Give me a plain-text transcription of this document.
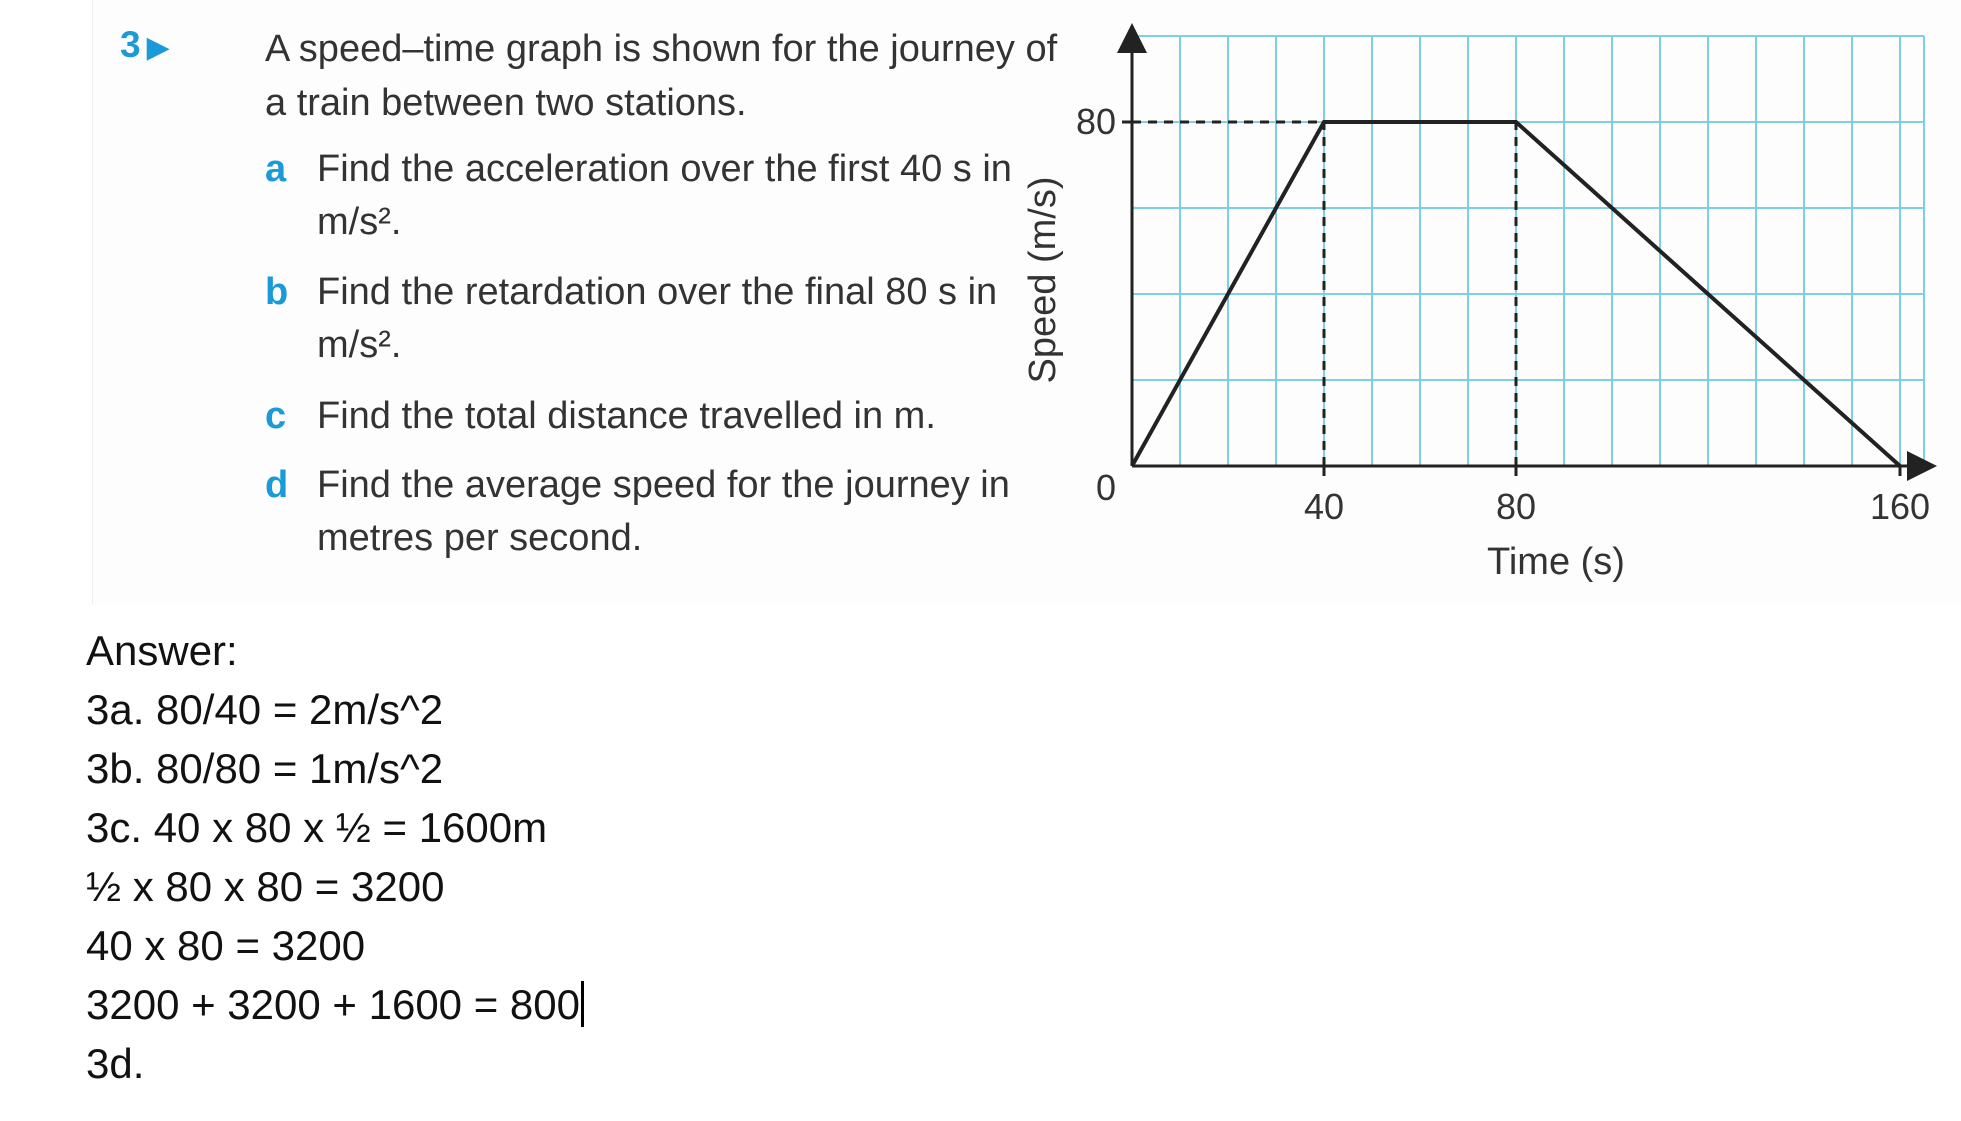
3 ▶	A speed–time graph is shown for the journey of a train between two stations.
a Find the acceleration over the first 40 s in m/s².
b Find the retardation over the final 80 s in m/s².
c Find the total distance travelled in m.
d Find the average speed for the journey in metres per second.
40	80	160
80
0
Time (s)
Speed (m/s)
Answer:
3a. 80/40 = 2m/s^2
3b. 80/80 = 1m/s^2
3c. 40 x 80 x ½ = 1600m
½ x 80 x 80 = 3200
40 x 80 = 3200
3200 + 3200 + 1600 = 800
3d.
